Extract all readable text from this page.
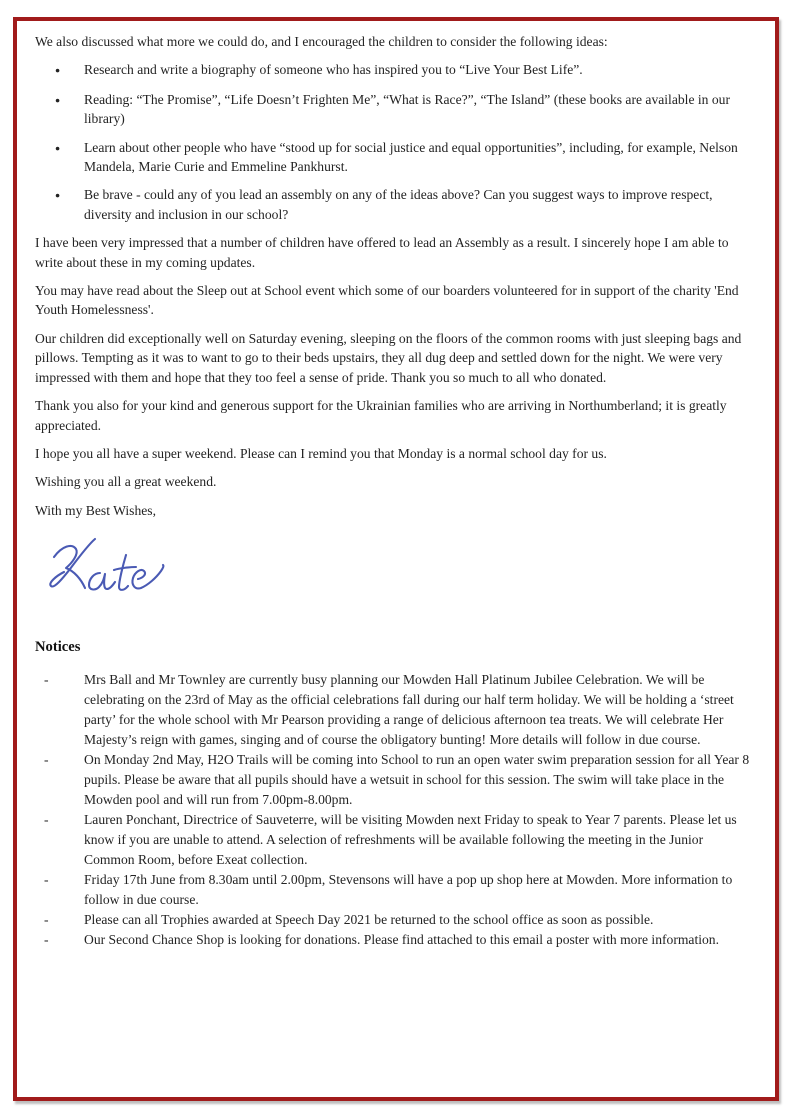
We also discussed what more we could do, and I encouraged the children to consider the following ideas:

●	Research and write a biography of someone who has inspired you to “Live Your Best Life”.
●	Reading: “The Promise”, “Life Doesn’t Frighten Me”, “What is Race?”, “The Island” (these books are available in our library)
●	Learn about other people who have “stood up for social justice and equal opportunities”, including, for example, Nelson Mandela, Marie Curie and Emmeline Pankhurst.
●	Be brave - could any of you lead an assembly on any of the ideas above? Can you suggest ways to improve respect, diversity and inclusion in our school?

I have been very impressed that a number of children have offered to lead an Assembly as a result. I sincerely hope I am able to write about these in my coming updates.

You may have read about the Sleep out at School event which some of our boarders volunteered for in support of the charity 'End Youth Homelessness'.

Our children did exceptionally well on Saturday evening, sleeping on the floors of the common rooms with just sleeping bags and pillows. Tempting as it was to want to go to their beds upstairs, they all dug deep and settled down for the night. We were very impressed with them and hope that they too feel a sense of pride. Thank you so much to all who donated.

Thank you also for your kind and generous support for the Ukrainian families who are arriving in Northumberland; it is greatly appreciated.

I hope you all have a super weekend. Please can I remind you that Monday is a normal school day for us.

Wishing you all a great weekend.

With my Best Wishes,

Notices
-	Mrs Ball and Mr Townley are currently busy planning our Mowden Hall Platinum Jubilee Celebration. We will be celebrating on the 23rd of May as the official celebrations fall during our half term holiday. We will be holding a ‘street party’ for the whole school with Mr Pearson providing a range of delicious afternoon tea treats. We will celebrate Her Majesty’s reign with games, singing and of course the obligatory bunting! More details will follow in due course.
-	On Monday 2nd May, H2O Trails will be coming into School to run an open water swim preparation session for all Year 8 pupils. Please be aware that all pupils should have a wetsuit in school for this session. The swim will take place in the Mowden pool and will run from 7.00pm-8.00pm.
-	Lauren Ponchant, Directrice of Sauveterre, will be visiting Mowden next Friday to speak to Year 7 parents. Please let us know if you are unable to attend. A selection of refreshments will be available following the meeting in the Junior Common Room, before Exeat collection.
-	Friday 17th June from 8.30am until 2.00pm, Stevensons will have a pop up shop here at Mowden. More information to follow in due course.
-	Please can all Trophies awarded at Speech Day 2021 be returned to the school office as soon as possible.
-	Our Second Chance Shop is looking for donations. Please find attached to this email a poster with more information.
